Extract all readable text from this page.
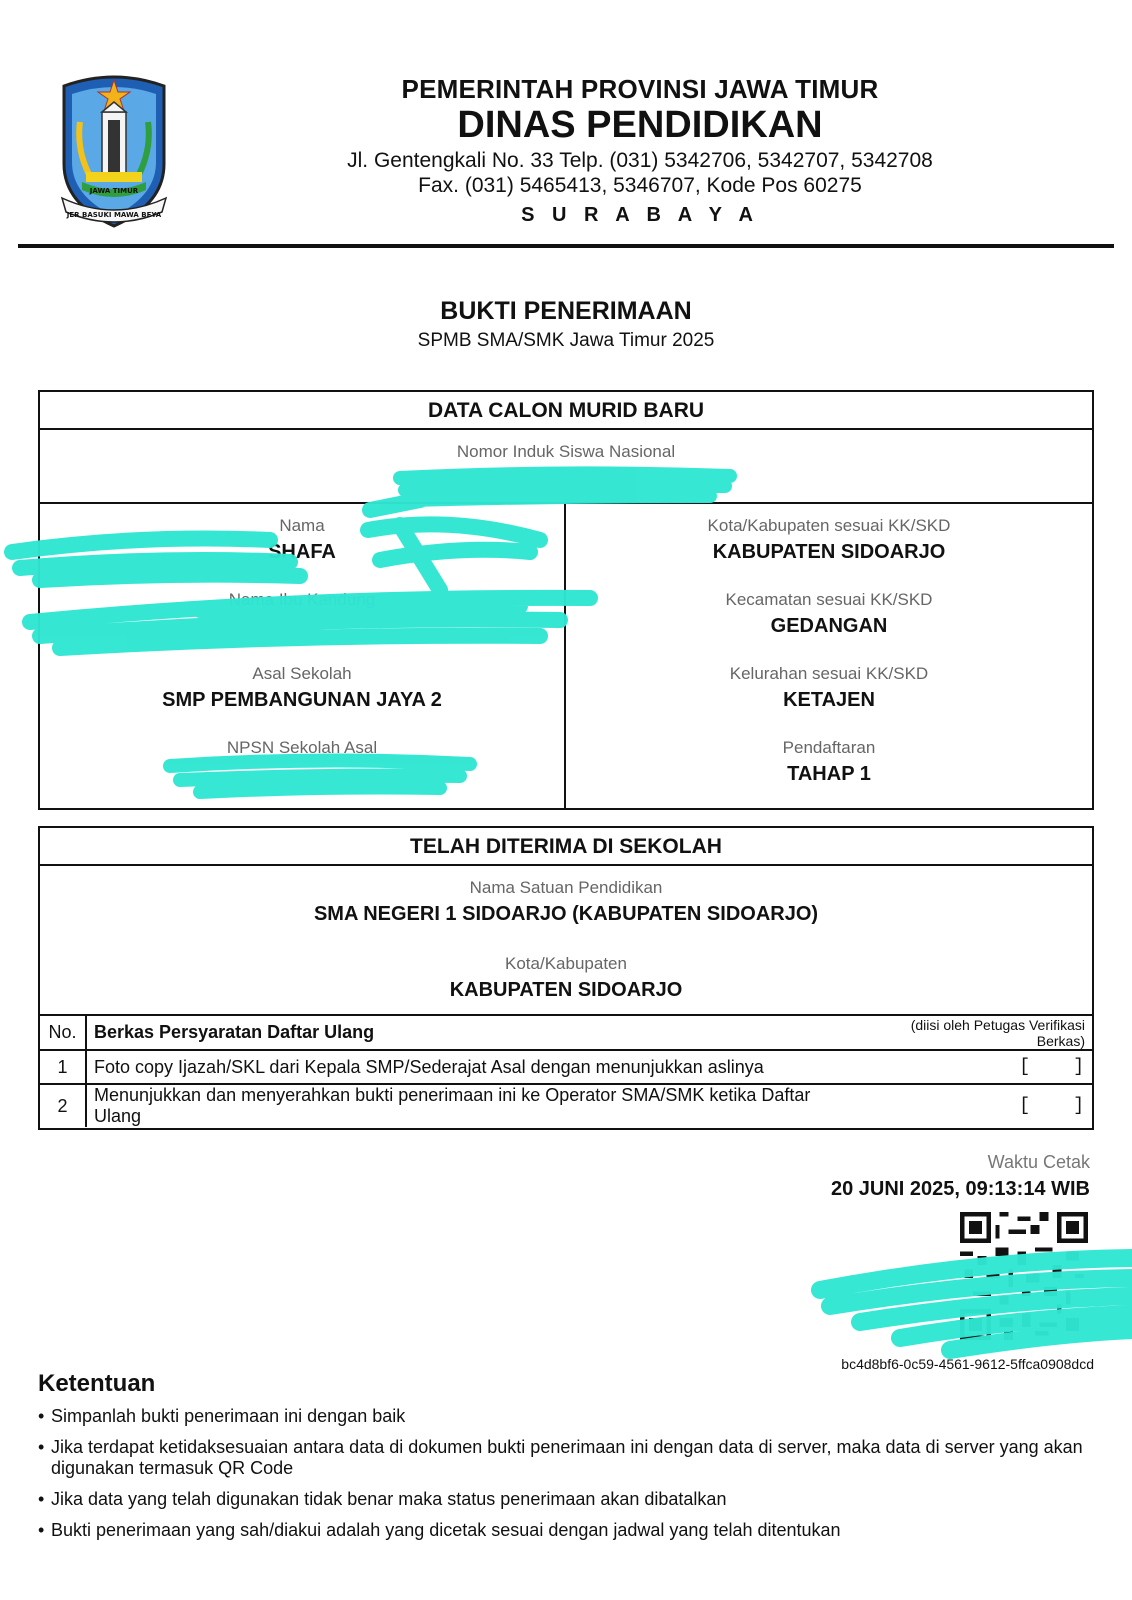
JAWA TIMUR
JER BASUKI MAWA BEYA
PEMERINTAH PROVINSI JAWA TIMUR
DINAS PENDIDIKAN
Jl. Gentengkali No. 33 Telp. (031) 5342706, 5342707, 5342708
Fax. (031) 5465413, 5346707, Kode Pos 60275
S U R A B A Y A
BUKTI PENERIMAAN
SPMB SMA/SMK Jawa Timur 2025
DATA CALON MURID BARU
Nomor Induk Siswa Nasional
Nama
SHAFA
Nama Ibu Kandung
Asal Sekolah
SMP PEMBANGUNAN JAYA 2
NPSN Sekolah Asal
Kota/Kabupaten sesuai KK/SKD
KABUPATEN SIDOARJO
Kecamatan sesuai KK/SKD
GEDANGAN
Kelurahan sesuai KK/SKD
KETAJEN
Pendaftaran
TAHAP 1
TELAH DITERIMA DI SEKOLAH
Nama Satuan Pendidikan
SMA NEGERI 1 SIDOARJO (KABUPATEN SIDOARJO)
Kota/Kabupaten
KABUPATEN SIDOARJO
No.	Berkas Persyaratan Daftar Ulang	(diisi oleh Petugas Verifikasi Berkas)
1	Foto copy Ijazah/SKL dari Kepala SMP/Sederajat Asal dengan menunjukkan aslinya	[    ]
2	Menunjukkan dan menyerahkan bukti penerimaan ini ke Operator SMA/SMK ketika Daftar Ulang	[    ]
Waktu Cetak
20 JUNI 2025, 09:13:14 WIB
bc4d8bf6-0c59-4561-9612-5ffca0908dcd
Ketentuan
• Simpanlah bukti penerimaan ini dengan baik
• Jika terdapat ketidaksesuaian antara data di dokumen bukti penerimaan ini dengan data di server, maka data di server yang akan digunakan termasuk QR Code
• Jika data yang telah digunakan tidak benar maka status penerimaan akan dibatalkan
• Bukti penerimaan yang sah/diakui adalah yang dicetak sesuai dengan jadwal yang telah ditentukan
